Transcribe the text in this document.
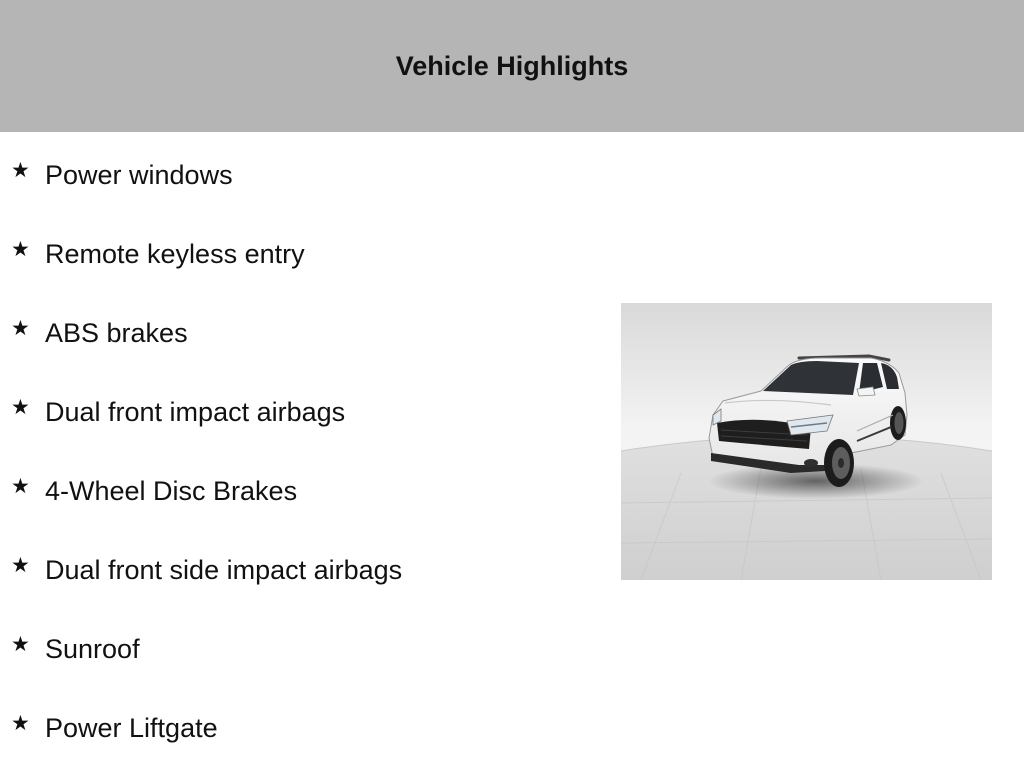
Vehicle Highlights
★ Power windows
★ Remote keyless entry
★ ABS brakes
★ Dual front impact airbags
★ 4-Wheel Disc Brakes
★ Dual front side impact airbags
★ Sunroof
★ Power Liftgate
